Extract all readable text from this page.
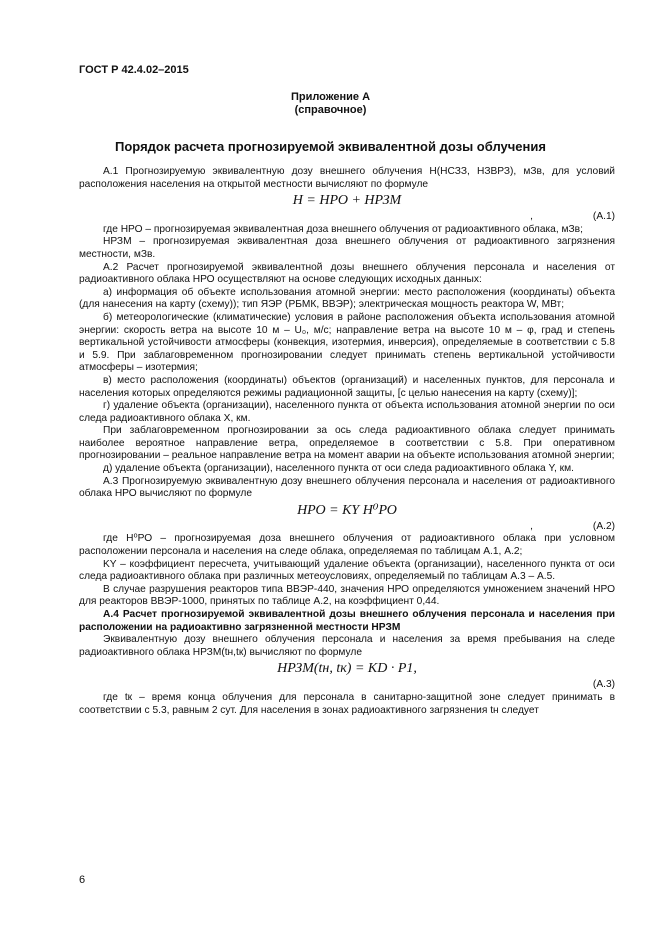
ГОСТ Р 42.4.02–2015
Приложение А
(справочное)
Порядок расчета прогнозируемой эквивалентной дозы облучения

А.1 Прогнозируемую эквивалентную дозу внешнего облучения Н(НСЗЗ, НЗВРЗ), мЗв, для условий расположения населения на открытой местности вычисляют по формуле

H = HРО + HРЗМ

,	(А.1)

где HРО – прогнозируемая эквивалентная доза внешнего облучения от радиоактивного облака, мЗв;

HРЗМ – прогнозируемая эквивалентная доза внешнего облучения от радиоактивного загрязнения местности, мЗв.

А.2 Расчет прогнозируемой эквивалентной дозы внешнего облучения персонала и населения от радиоактивного облака HРО осуществляют на основе следующих исходных данных:

а) информация об объекте использования атомной энергии: место расположения (координаты) объекта (для нанесения на карту (схему)); тип ЯЭР (РБМК, ВВЭР); электрическая мощность реактора W, МВт;

б) метеорологические (климатические) условия в районе расположения объекта использования атомной энергии: скорость ветра на высоте 10 м – U₀, м/с; направление ветра на высоте 10 м – φ, град и степень вертикальной устойчивости атмосферы (конвекция, изотермия, инверсия), определяемые в соответствии с 5.8 и 5.9. При заблаговременном прогнозировании следует принимать степень вертикальной устойчивости атмосферы – изотермия;

в) место расположения (координаты) объектов (организаций) и населенных пунктов, для персонала и населения которых определяются режимы радиационной защиты, [с целью нанесения на карту (схему)];

г) удаление объекта (организации), населенного пункта от объекта использования атомной энергии по оси следа радиоактивного облака X, км.

При заблаговременном прогнозировании за ось следа радиоактивного облака следует принимать наиболее вероятное направление ветра, определяемое в соответствии с 5.8. При оперативном прогнозировании – реальное направление ветра на момент аварии на объекте использования атомной энергии;

д) удаление объекта (организации), населенного пункта от оси следа радиоактивного облака Y, км.

А.3 Прогнозируемую эквивалентную дозу внешнего облучения персонала и населения от радиоактивного облака HРО вычисляют по формуле

HРО = KY H⁰РО

,	(А.2)

где H⁰РО – прогнозируемая доза внешнего облучения от радиоактивного облака при условном расположении персонала и населения на следе облака, определяемая по таблицам А.1, А.2;

KY – коэффициент пересчета, учитывающий удаление объекта (организации), населенного пункта от оси следа радиоактивного облака при различных метеоусловиях, определяемый по таблицам А.3 – А.5.

В случае разрушения реакторов типа ВВЭР-440, значения HРО определяются умножением значений HРО для реакторов ВВЭР-1000, принятых по таблице А.2, на коэффициент 0,44.

А.4 Расчет прогнозируемой эквивалентной дозы внешнего облучения персонала и населения при расположении на радиоактивно загрязненной местности HРЗМ

Эквивалентную дозу внешнего облучения персонала и населения за время пребывания на следе радиоактивного облака HРЗМ(tн,tк) вычисляют по формуле

HРЗМ(tн, tк) = KD · P1,

(А.3)

где tк – время конца облучения для персонала в санитарно-защитной зоне следует принимать в соответствии с 5.3, равным 2 сут. Для населения в зонах радиоактивного загрязнения tн следует

6
